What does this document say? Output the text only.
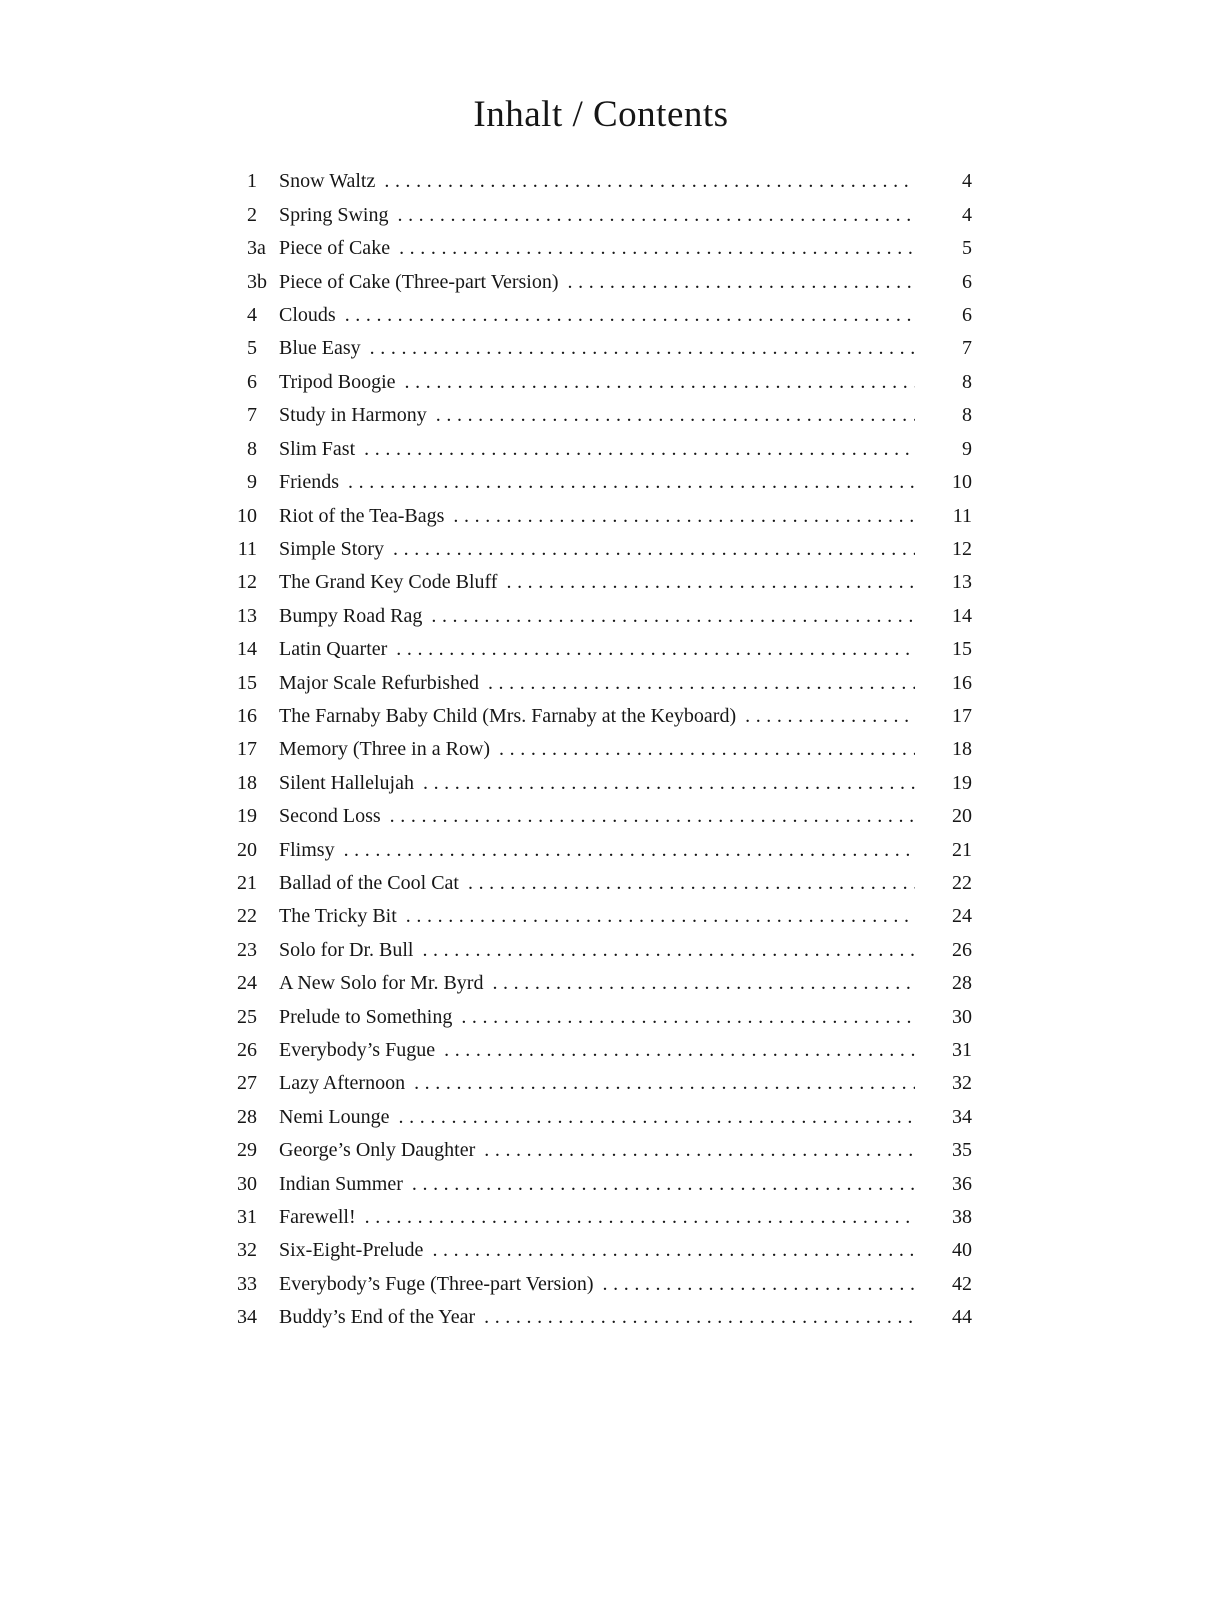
Inhalt / Contents
1 Snow Waltz .....	4
2 Spring Swing .....	4
3 a Piece of Cake .....	5
3 b Piece of Cake (Three-part Version) .....	6
4 Clouds .....	6
5 Blue Easy .....	7
6 Tripod Boogie .....	8
7 Study in Harmony .....	8
8 Slim Fast .....	9
9 Friends .....	10
10 Riot of the Tea-Bags .....	11
11 Simple Story .....	12
12 The Grand Key Code Bluff .....	13
13 Bumpy Road Rag .....	14
14 Latin Quarter .....	15
15 Major Scale Refurbished .....	16
16 The Farnaby Baby Child (Mrs. Farnaby at the Keyboard) .....	17
17 Memory (Three in a Row) .....	18
18 Silent Hallelujah .....	19
19 Second Loss .....	20
20 Flimsy .....	21
21 Ballad of the Cool Cat .....	22
22 The Tricky Bit .....	24
23 Solo for Dr. Bull .....	26
24 A New Solo for Mr. Byrd .....	28
25 Prelude to Something .....	30
26 Everybody’s Fugue .....	31
27 Lazy Afternoon .....	32
28 Nemi Lounge .....	34
29 George’s Only Daughter .....	35
30 Indian Summer .....	36
31 Farewell! .....	38
32 Six-Eight-Prelude .....	40
33 Everybody’s Fuge (Three-part Version) .....	42
34 Buddy’s End of the Year .....	44
